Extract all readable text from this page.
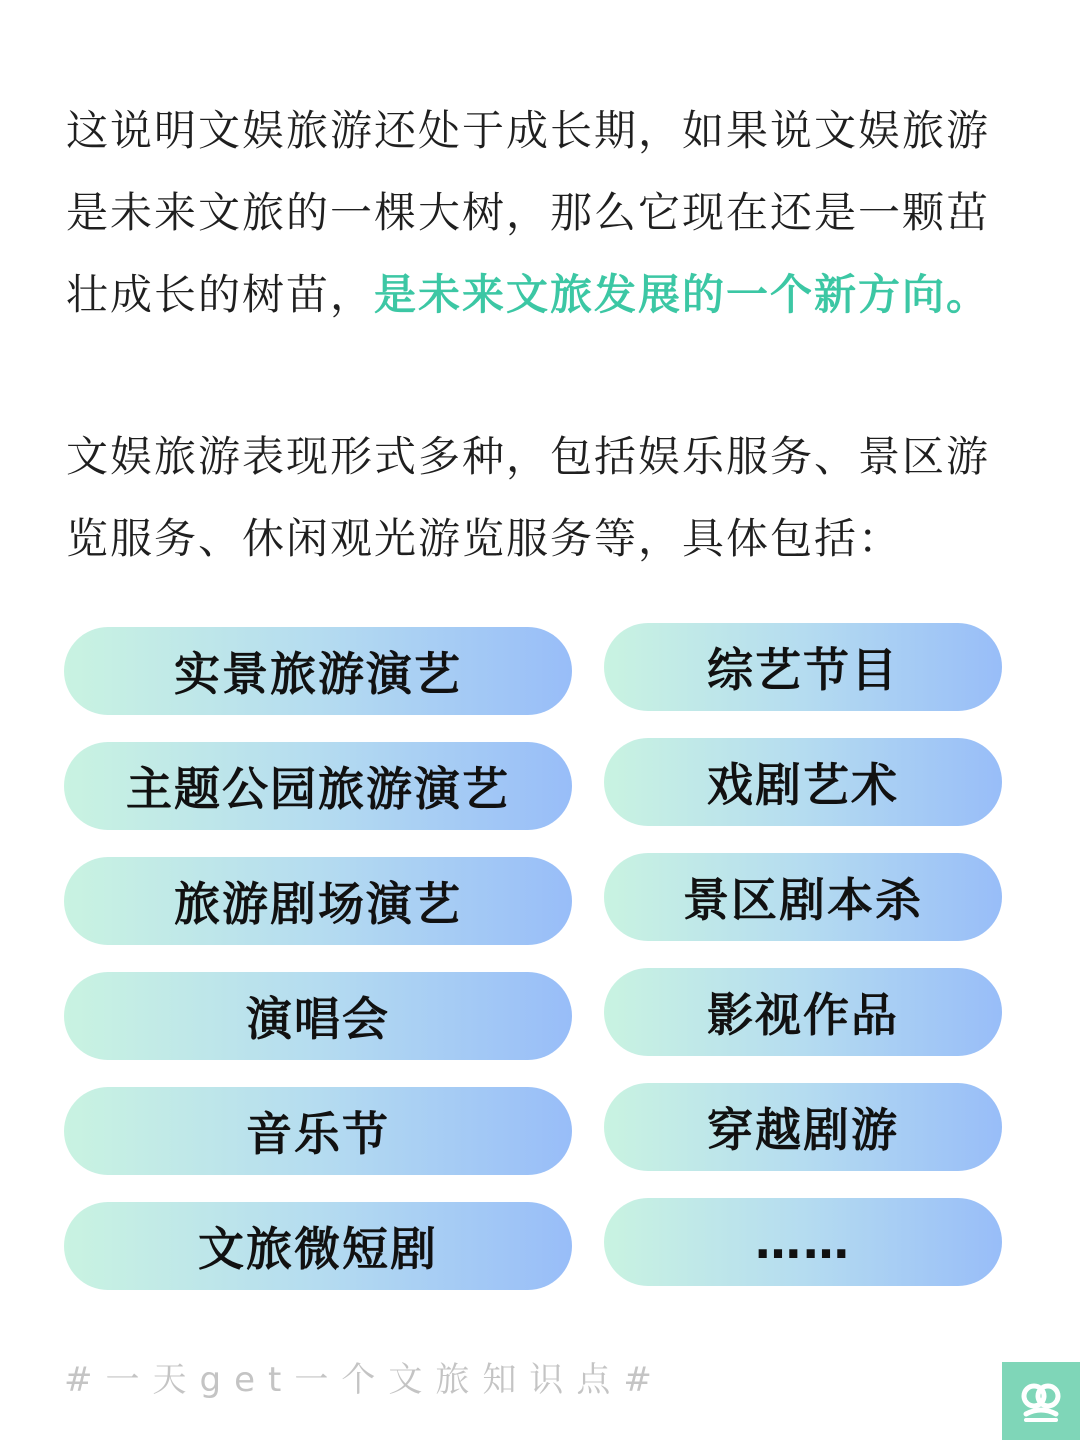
这说明文娱旅游还处于成长期，如果说文娱旅游是未来文旅的一棵大树，那么它现在还是一颗茁壮成长的树苗，是未来文旅发展的一个新方向。

文娱旅游表现形式多种，包括娱乐服务、景区游览服务、休闲观光游览服务等，具体包括：

实景旅游演艺	综艺节目
主题公园旅游演艺	戏剧艺术
旅游剧场演艺	景区剧本杀
演唱会	影视作品
音乐节	穿越剧游
文旅微短剧	……

#一天get一个文旅知识点#
